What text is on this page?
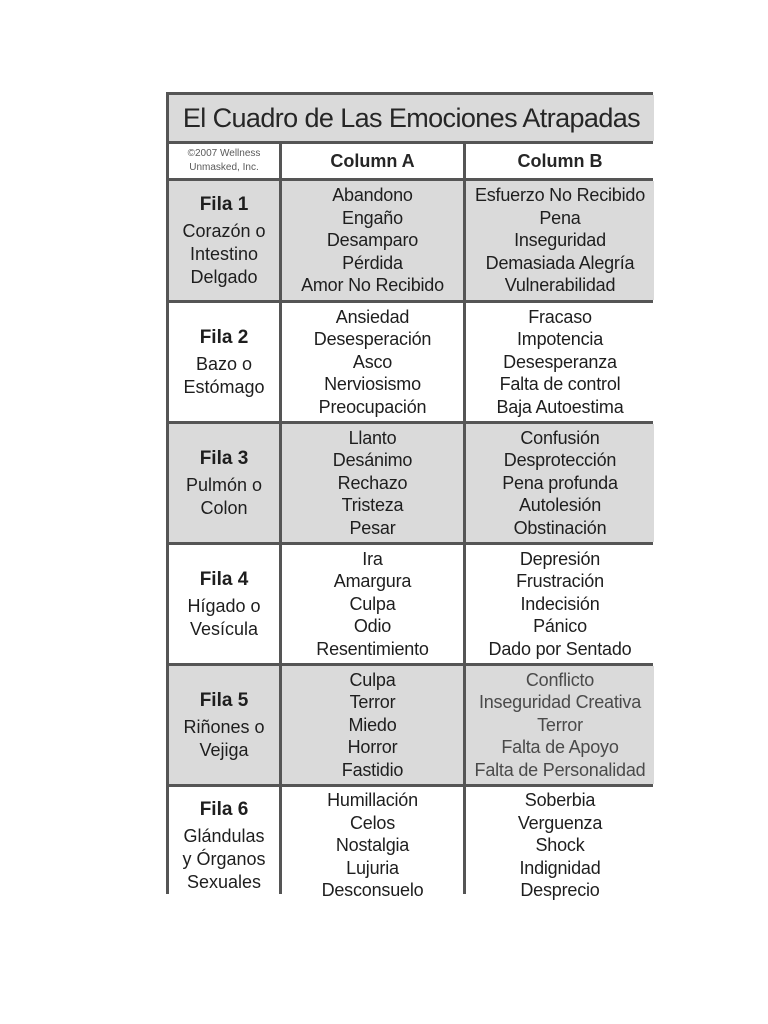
El Cuadro de Las Emociones Atrapadas
©2007 Wellness
Unmasked, Inc.	Column A	Column B
Fila 1
Corazón o
Intestino
Delgado
Abandono
Engaño
Desamparo
Pérdida
Amor No Recibido
Esfuerzo No Recibido
Pena
Inseguridad
Demasiada Alegría
Vulnerabilidad
Fila 2
Bazo o
Estómago
Ansiedad
Desesperación
Asco
Nerviosismo
Preocupación
Fracaso
Impotencia
Desesperanza
Falta de control
Baja Autoestima
Fila 3
Pulmón o
Colon
Llanto
Desánimo
Rechazo
Tristeza
Pesar
Confusión
Desprotección
Pena profunda
Autolesión
Obstinación
Fila 4
Hígado o
Vesícula
Ira
Amargura
Culpa
Odio
Resentimiento
Depresión
Frustración
Indecisión
Pánico
Dado por Sentado
Fila 5
Riñones o
Vejiga
Culpa
Terror
Miedo
Horror
Fastidio
Conflicto
Inseguridad Creativa
Terror
Falta de Apoyo
Falta de Personalidad
Fila 6
Glándulas
y Órganos
Sexuales
Humillación
Celos
Nostalgia
Lujuria
Desconsuelo
Soberbia
Verguenza
Shock
Indignidad
Desprecio
